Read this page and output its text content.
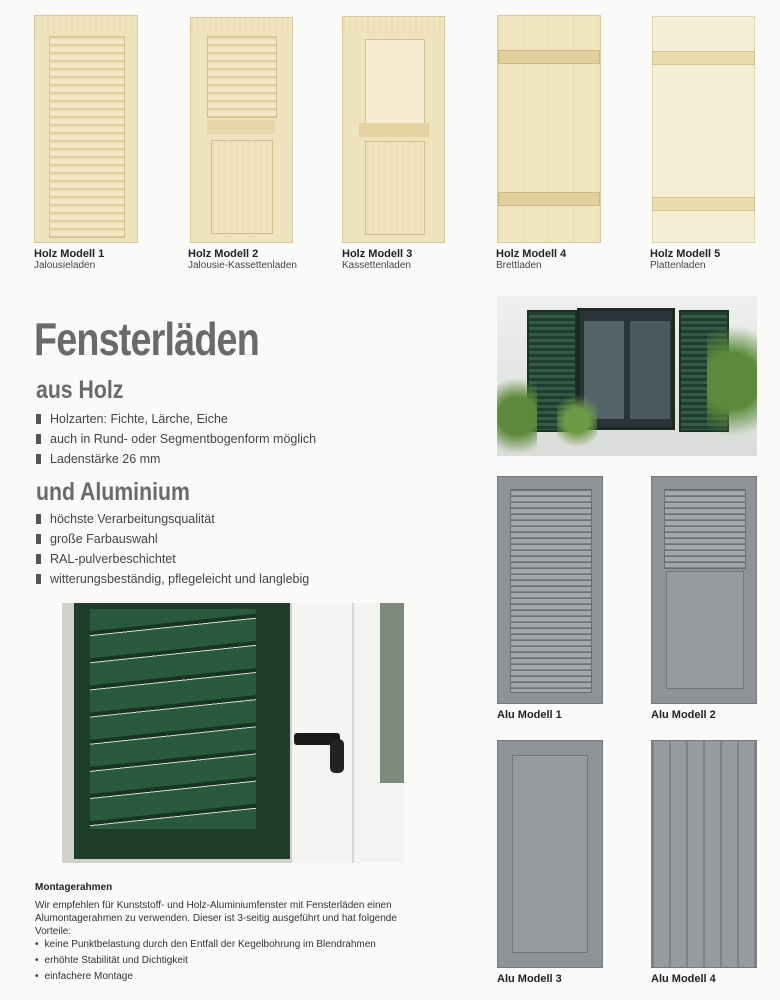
Holz Modell 1
Jalousieladen
Holz Modell 2
Jalousie-Kassettenladen
Holz Modell 3
Kassettenladen
Holz Modell 4
Brettladen
Holz Modell 5
Plattenladen
Fensterläden
aus Holz
Holzarten: Fichte, Lärche, Eiche
auch in Rund- oder Segmentbogenform möglich
Ladenstärke 26 mm
und Aluminium
höchste Verarbeitungsqualität
große Farbauswahl
RAL-pulverbeschichtet
witterungsbeständig, pflegeleicht und langlebig
Alu Modell 1	Alu Modell 2
Alu Modell 3	Alu Modell 4
Montagerahmen
Wir empfehlen für Kunststoff- und Holz-Aluminiumfenster mit Fensterläden einen Alumontagerahmen zu verwenden. Dieser ist 3-seitig ausgeführt und hat folgende Vorteile:
• keine Punktbelastung durch den Entfall der Kegelbohrung im Blendrahmen
• erhöhte Stabilität und Dichtigkeit
• einfachere Montage
